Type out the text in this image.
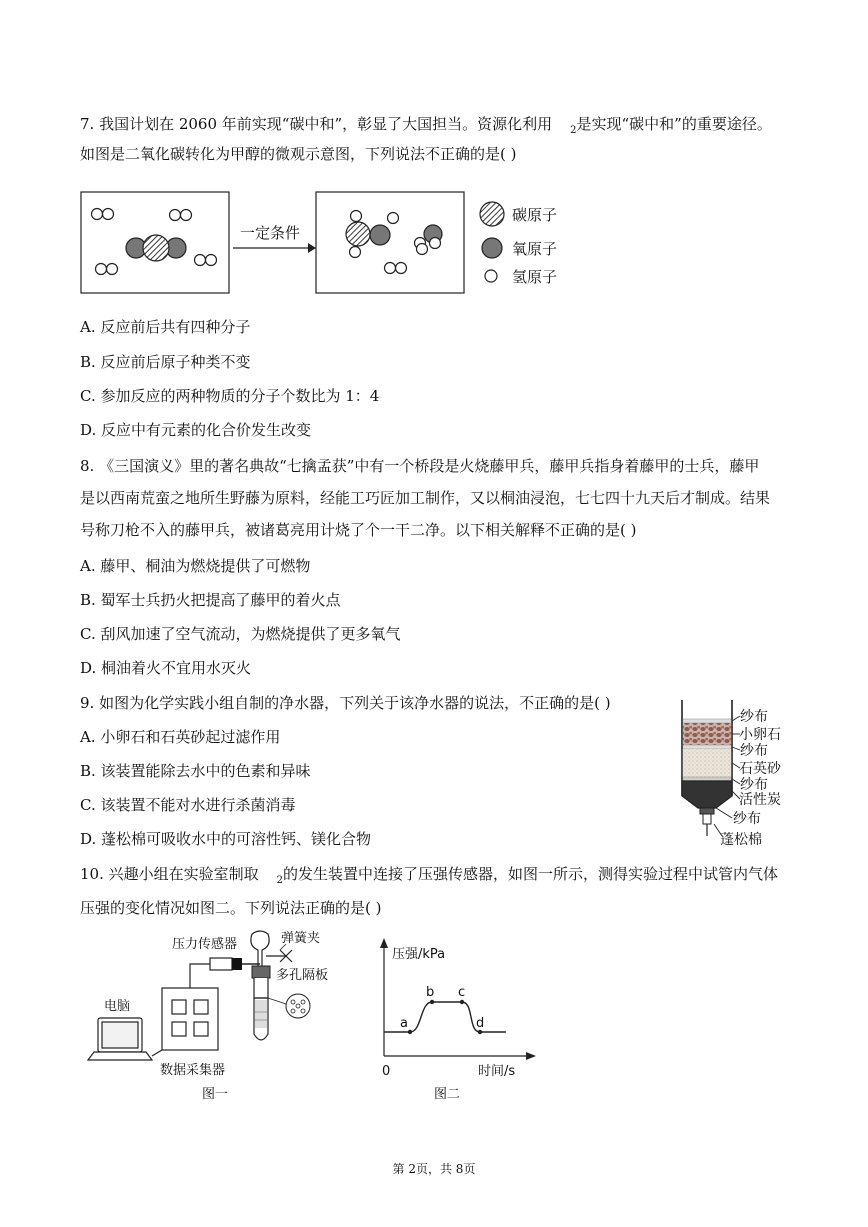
7. 我国计划在 2060 年前实现“碳中和”，彰显了大国担当。资源化利用 $_2$是实现“碳中和”的重要途径。
如图是二氧化碳转化为甲醇的微观示意图，下列说法不正确的是( )
一定条件
碳原子
氧原子
氢原子
A. 反应前后共有四种分子
B. 反应前后原子种类不变
C. 参加反应的两种物质的分子个数比为 1：4
D. 反应中有元素的化合价发生改变
8. 《三国演义》里的著名典故“七擒孟获”中有一个桥段是火烧藤甲兵，藤甲兵指身着藤甲的士兵，藤甲
是以西南荒蛮之地所生野藤为原料，经能工巧匠加工制作，又以桐油浸泡，七七四十九天后才制成。结果
号称刀枪不入的藤甲兵，被诸葛亮用计烧了个一干二净。以下相关解释不正确的是( )
A. 藤甲、桐油为燃烧提供了可燃物
B. 蜀军士兵扔火把提高了藤甲的着火点
C. 刮风加速了空气流动，为燃烧提供了更多氧气
D. 桐油着火不宜用水灭火
9. 如图为化学实践小组自制的净水器，下列关于该净水器的说法，不正确的是( )
A. 小卵石和石英砂起过滤作用
B. 该装置能除去水中的色素和异味
C. 该装置不能对水进行杀菌消毒
D. 蓬松棉可吸收水中的可溶性钙、镁化合物
纱布
小卵石
纱布
石英砂
纱布
活性炭
纱布
蓬松棉
10. 兴趣小组在实验室制取 $_2$的发生装置中连接了压强传感器，如图一所示，测得实验过程中试管内气体
压强的变化情况如图二。下列说法正确的是( )
压力传感器	弹簧夹
多孔隔板
电脑
数据采集器
图一
压强/kPa
时间/s
0
a
b c
d
图二
第 2页，共 8页
